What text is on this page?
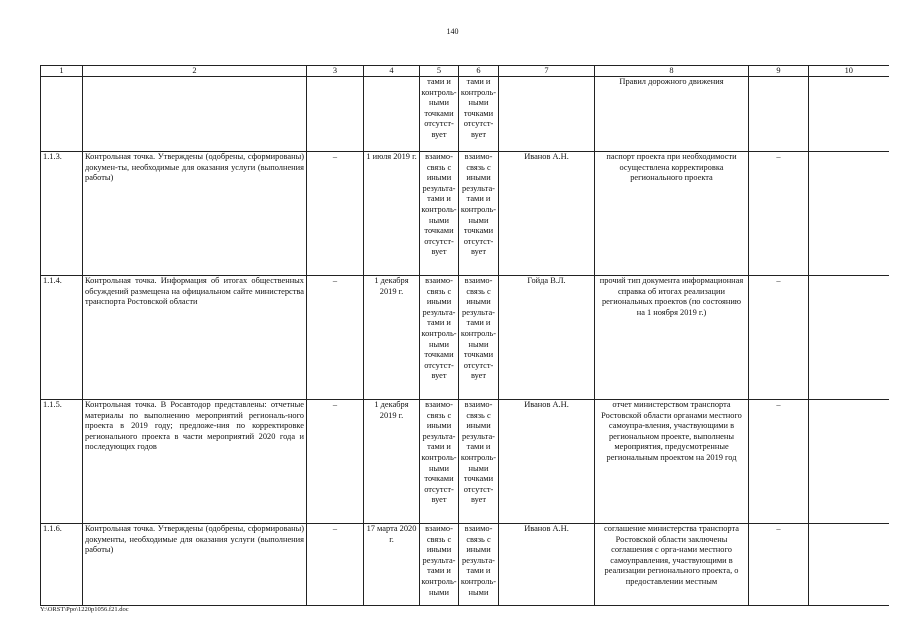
140
1	2	3	4	5	6	7	8	9	10
				тами и контроль-ными точками отсутст-вует	тами и контроль-ными точками отсутст-вует		Правил дорожного движения		
1.1.3.	Контрольная точка. Утверждены (одобрены, сформированы) докумен-ты, необходимые для оказания услуги (выполнения работы)	–	1 июля 2019 г.	взаимо-связь с иными результа-тами и контроль-ными точками отсутст-вует	взаимо-связь с иными результа-тами и контроль-ными точками отсутст-вует	Иванов А.Н.	паспорт проекта при необходимости осуществлена корректировка регионального проекта	–	
1.1.4.	Контрольная точка. Информация об итогах общественных обсуждений размещена на официальном сайте министерства транспорта Ростовской области	–	1 декабря 2019 г.	взаимо-связь с иными результа-тами и контроль-ными точками отсутст-вует	взаимо-связь с иными результа-тами и контроль-ными точками отсутст-вует	Гойда В.Л.	прочий тип документа информационная справка об итогах реализации региональных проектов (по состоянию на 1 ноября 2019 г.)	–	
1.1.5.	Контрольная точка. В Росавтодор представлены: отчетные материалы по выполнению мероприятий региональ-ного проекта в 2019 году; предложе-ния по корректировке регионального проекта в части мероприятий 2020 года и последующих годов	–	1 декабря 2019 г.	взаимо-связь с иными результа-тами и контроль-ными точками отсутст-вует	взаимо-связь с иными результа-тами и контроль-ными точками отсутст-вует	Иванов А.Н.	отчет министерством транспорта Ростовской области органами местного самоупра-вления, участвующими в региональном проекте, выполнены мероприятия, предусмотренные региональным проектом на 2019 год	–	
1.1.6.	Контрольная точка. Утверждены (одобрены, сформированы) документы, необходимые для оказания услуги (выполнения работы)	–	17 марта 2020 г.	взаимо-связь с иными результа-тами и контроль-ными	взаимо-связь с иными результа-тами и контроль-ными	Иванов А.Н.	соглашение министерства транспорта Ростовской области заключены соглашения с орга-нами местного самоуправления, участвующими в реализации регионального проекта, о предоставлении местным	–	
Y:\ORST\Ppo\1220p1056.f21.doc
